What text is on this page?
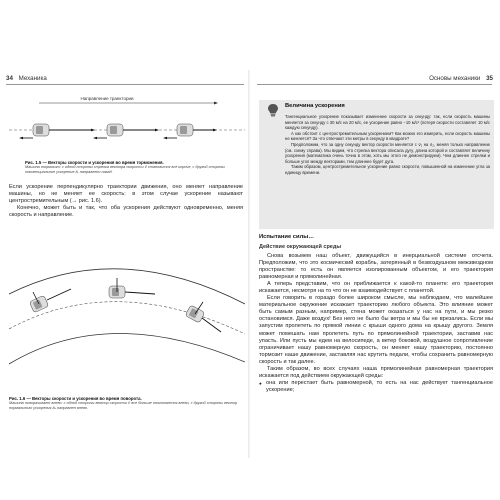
34 Механика
Направление траектории
Рис. 1.5 — Векторы скорости и ускорения во время торможения.
Машина тормозит: с одной стороны стрелка вектора скорости v⃗ становится все короче, с другой стороны тангенциальное ускорение ā, направлено назад.

Если ускорение перпендикулярно траектории движения, оно меняет направление машины, но не меняет ее скорость: в этом случае ускорение называют центростремительным (→ рис. 1.6).

Конечно, может быть и так, что оба ускорения действуют одновременно, меняя скорость и направление.

Рис. 1.6 — Векторы скорости и ускорения во время поворота.
Машина поворачивает влево: с одной стороны вектор скорости v⃗ все больше отклоняется влево, с другой стороны вектор нормального ускорения āₙ направлен влево.
Основы механики 35
Величина ускорения

Тангенциальное ускорение показывает изменение скорости за секунду: так, если скорость машины меняется за секунду с 30 м/с на 20 м/с, ее ускорение равно −10 м/с² (потеря скорости составляет 10 м/с каждую секунду).

А как обстоит с центростремительным ускорением? Как можно его измерить, если скорость машины не меняется? За что отвечают эти метры в секунду в квадрате?

Предположим, что за одну секунду вектор скорости меняется с v⃗₁ на v⃗₂, меняя только направление (см. схему справа). Мы видим, что стрелка вектора описала дугу, длина которой и составляет величину ускорения (математика очень точна в этом, хоть мы этого не демонстрируем). Чем длиннее стрелки и больше угол между векторами, тем длиннее будет дуга.

Таким образом, центростремительное ускорение равно скорости, повышенной на изменение угла за единицу времени.

Испытание силы…
Действие окружающей среды

Снова возьмем наш объект, движущийся в инерциальной системе отсчета. Предположим, что это космический корабль, затерянный в безвоздушном межзвездном пространстве: то есть он является изолированным объектом, и его траектория равномерная и прямолинейная.

А теперь представим, что он приближается к какой-то планете: его траектория искажается, несмотря на то что он не взаимодействует с планетой.

Если говорить в гораздо более широком смысле, мы наблюдаем, что малейшее материальное окружение искажает траекторию любого объекта. Это влияние может быть самым разным, например, стена может оказаться у нас на пути, и мы резко остановимся. Даже воздух! Без него не было бы ветра и мы бы не врезались. Если мы запустим пролететь по прямой линии с крыши одного дома на крышу другого. Земля может помешать нам пролететь путь по прямолинейной траектории, заставив нас упасть. Или пусть мы едем на велосипеде, а ветер боковой, воздушное сопротивление ограничивает нашу равномерную скорость, он меняет нашу траекторию, постоянно тормозит наше движение, заставляя нас крутить педали, чтобы сохранить равномерную скорость и так далее.

Таким образом, во всех случаях наша прямолинейная равномерная траектория искажается под действием окружающей среды:

● она или перестает быть равномерной, то есть на нас действует тангенциальное ускорение;
